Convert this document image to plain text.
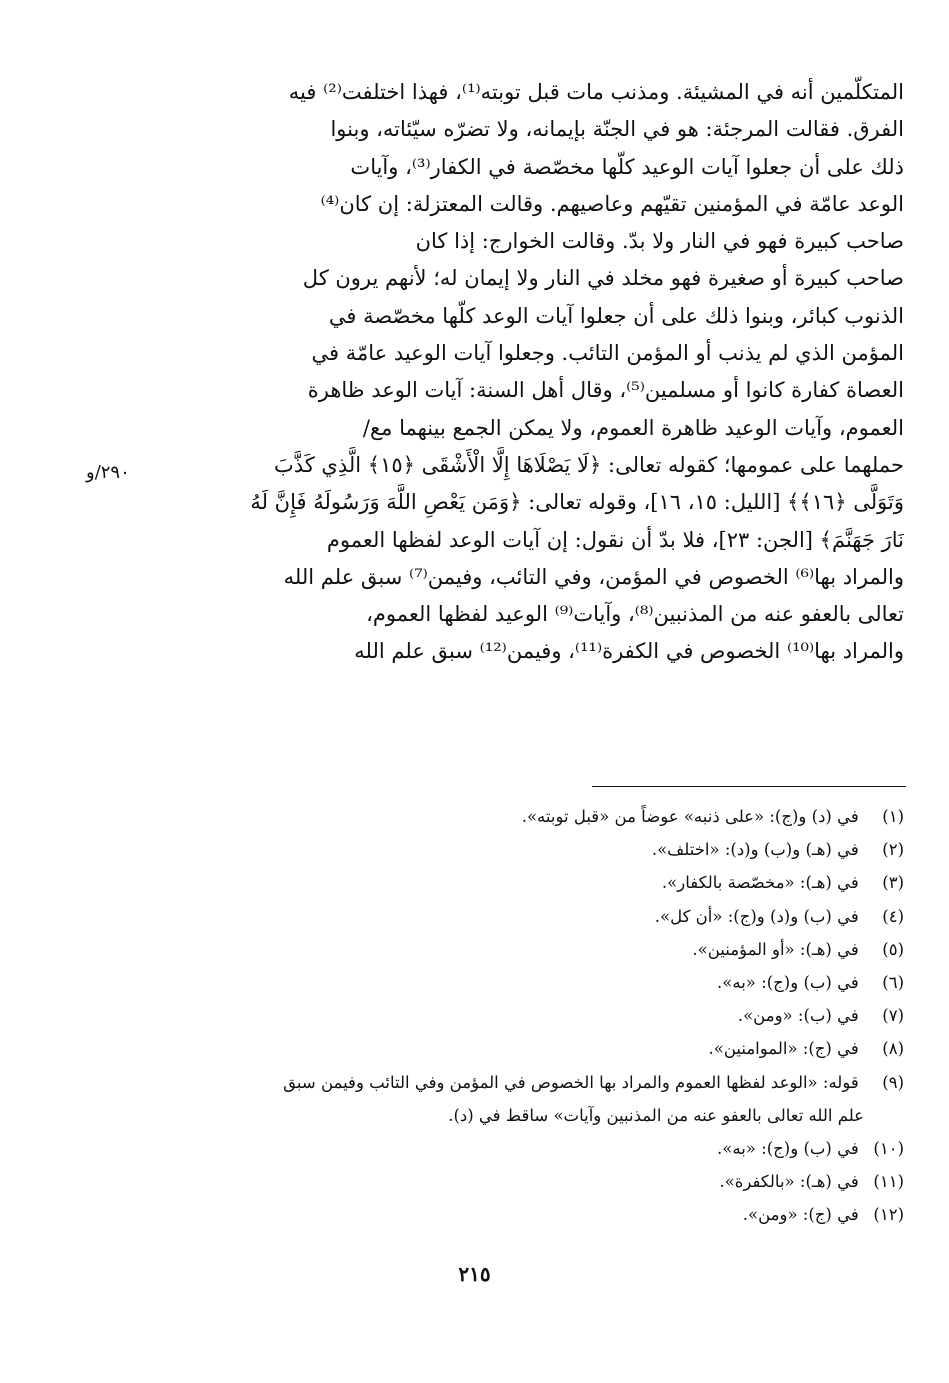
المتكلّمين أنه في المشيئة. ومذنب مات قبل توبته⁽¹⁾، فهذا اختلفت⁽²⁾ فيه
الفرق. فقالت المرجئة: هو في الجنّة بإيمانه، ولا تضرّه سيّئاته، وبنوا
ذلك على أن جعلوا آيات الوعيد كلّها مخصّصة في الكفار⁽³⁾، وآيات
الوعد عامّة في المؤمنين تقيّهم وعاصيهم. وقالت المعتزلة: إن كان⁽⁴⁾
صاحب كبيرة فهو في النار ولا بدّ. وقالت الخوارج: إذا كان
صاحب كبيرة أو صغيرة فهو مخلد في النار ولا إيمان له؛ لأنهم يرون كل
الذنوب كبائر، وبنوا ذلك على أن جعلوا آيات الوعد كلّها مخصّصة في
المؤمن الذي لم يذنب أو المؤمن التائب. وجعلوا آيات الوعيد عامّة في
العصاة كفارة كانوا أو مسلمين⁽⁵⁾، وقال أهل السنة: آيات الوعد ظاهرة
العموم، وآيات الوعيد ظاهرة العموم، ولا يمكن الجمع بينهما مع/
حملهما على عمومها؛ كقوله تعالى: ﴿لَا يَصْلَاهَا إِلَّا الْأَشْقَى ﴿١٥﴾ الَّذِي كَذَّبَ
وَتَوَلَّى ﴿١٦﴾﴾ [الليل: ١٥، ١٦]، وقوله تعالى: ﴿وَمَن يَعْصِ اللَّهَ وَرَسُولَهُ فَإِنَّ لَهُ
نَارَ جَهَنَّمَ﴾ [الجن: ٢٣]، فلا بدّ أن نقول: إن آيات الوعد لفظها العموم
والمراد بها⁽⁶⁾ الخصوص في المؤمن، وفي التائب، وفيمن⁽⁷⁾ سبق علم الله
تعالى بالعفو عنه من المذنبين⁽⁸⁾، وآيات⁽⁹⁾ الوعيد لفظها العموم،
والمراد بها⁽¹⁰⁾ الخصوص في الكفرة⁽¹¹⁾، وفيمن⁽¹²⁾ سبق علم الله
٢٩٠/و
(١) في (د) و(ج): «على ذنبه» عوضاً من «قبل توبته».
(٢) في (هـ) و(ب) و(د): «اختلف».
(٣) في (هـ): «مخصّصة بالكفار».
(٤) في (ب) و(د) و(ج): «أن كل».
(٥) في (هـ): «أو المؤمنين».
(٦) في (ب) و(ج): «به».
(٧) في (ب): «ومن».
(٨) في (ج): «الموامنين».
(٩) قوله: «الوعد لفظها العموم والمراد بها الخصوص في المؤمن وفي التائب وفيمن سبق
علم الله تعالى بالعفو عنه من المذنبين وآيات» ساقط في (د).
(١٠) في (ب) و(ج): «به».
(١١) في (هـ): «بالكفرة».
(١٢) في (ج): «ومن».
٢١٥
